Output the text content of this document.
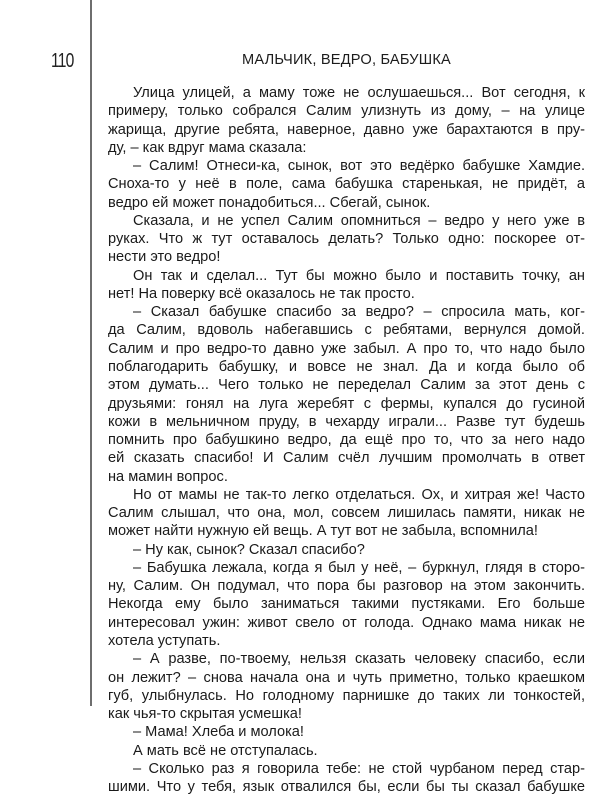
110	МАЛЬЧИК, ВЕДРО, БАБУШКА
Улица улицей, а маму тоже не ослушаешься... Вот сегодня, к
примеру, только собрался Салим улизнуть из дому, – на улице
жарища, другие ребята, наверное, давно уже барахтаются в пру-
ду, – как вдруг мама сказала:
– Салим! Отнеси-ка, сынок, вот это ведёрко бабушке Хамдие.
Сноха-то у неё в поле, сама бабушка старенькая, не придёт, а
ведро ей может понадобиться... Сбегай, сынок.
Сказала, и не успел Салим опомниться – ведро у него уже в
руках. Что ж тут оставалось делать? Только одно: поскорее от-
нести это ведро!
Он так и сделал... Тут бы можно было и поставить точку, ан
нет! На поверку всё оказалось не так просто.
– Сказал бабушке спасибо за ведро? – спросила мать, ког-
да Салим, вдоволь набегавшись с ребятами, вернулся домой.
Салим и про ведро-то давно уже забыл. А про то, что надо было
поблагодарить бабушку, и вовсе не знал. Да и когда было об
этом думать... Чего только не переделал Салим за этот день с
друзьями: гонял на луга жеребят с фермы, купался до гусиной
кожи в мельничном пруду, в чехарду играли... Разве тут будешь
помнить про бабушкино ведро, да ещё про то, что за него надо
ей сказать спасибо! И Салим счёл лучшим промолчать в ответ
на мамин вопрос.
Но от мамы не так-то легко отделаться. Ох, и хитрая же! Часто
Салим слышал, что она, мол, совсем лишилась памяти, никак не
может найти нужную ей вещь. А тут вот не забыла, вспомнила!
– Ну как, сынок? Сказал спасибо?
– Бабушка лежала, когда я был у неё, – буркнул, глядя в сторо-
ну, Салим. Он подумал, что пора бы разговор на этом закончить.
Некогда ему было заниматься такими пустяками. Его больше
интересовал ужин: живот свело от голода. Однако мама никак не
хотела уступать.
– А разве, по-твоему, нельзя сказать человеку спасибо, если
он лежит? – снова начала она и чуть приметно, только краешком
губ, улыбнулась. Но голодному парнишке до таких ли тонкостей,
как чья-то скрытая усмешка!
– Мама! Хлеба и молока!
А мать всё не отступалась.
– Сколько раз я говорила тебе: не стой чурбаном перед стар-
шими. Что у тебя, язык отвалился бы, если бы ты сказал бабушке
